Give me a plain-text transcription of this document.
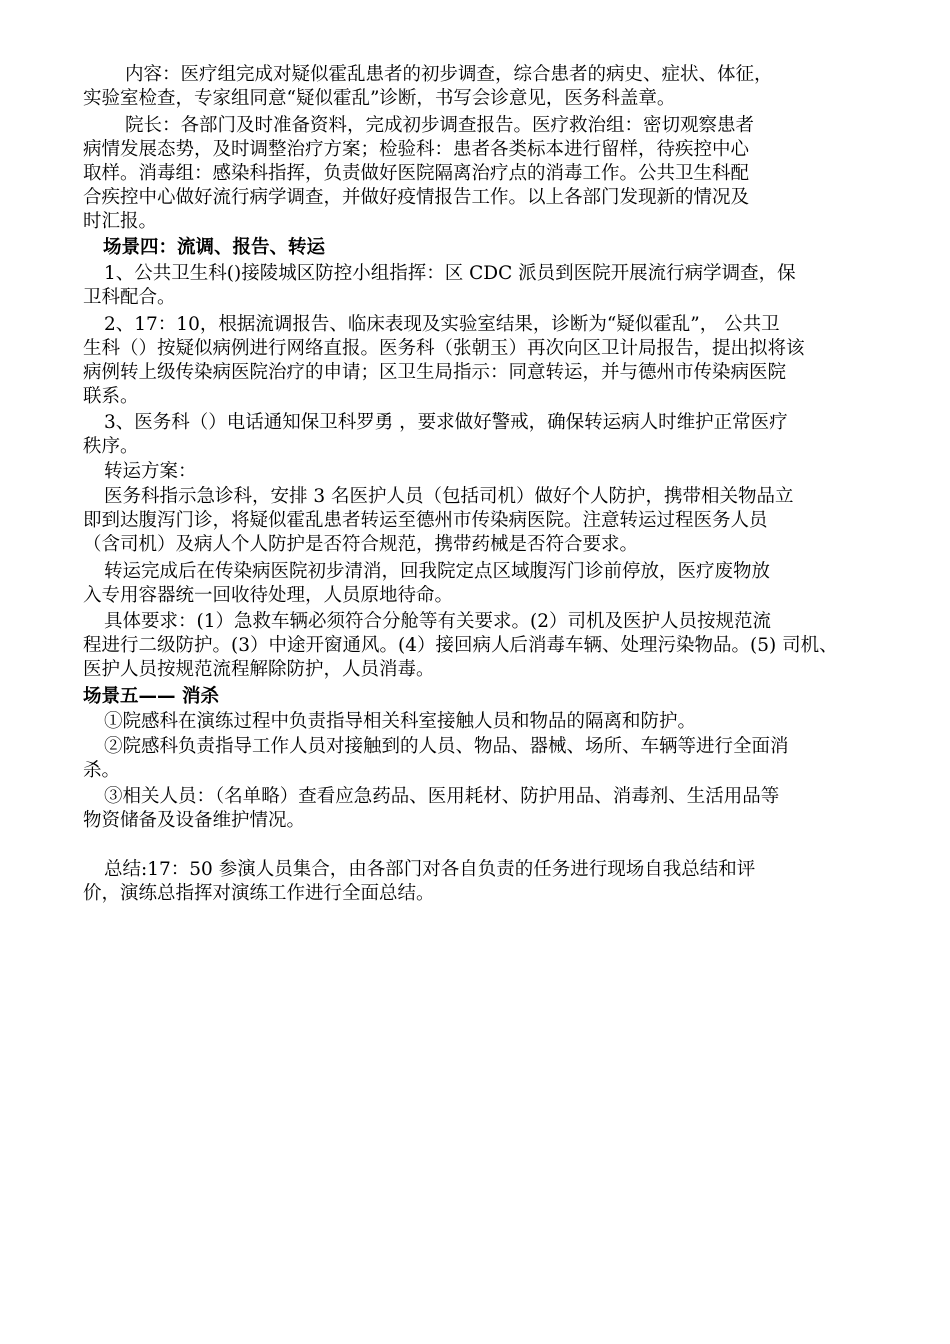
内容：医疗组完成对疑似霍乱患者的初步调查，综合患者的病史、症状、体征，
实验室检查，专家组同意“疑似霍乱”诊断，书写会诊意见，医务科盖章。
院长：各部门及时准备资料，完成初步调查报告。医疗救治组：密切观察患者
病情发展态势，及时调整治疗方案；检验科：患者各类标本进行留样，待疾控中心
取样。消毒组：感染科指挥，负责做好医院隔离治疗点的消毒工作。公共卫生科配
合疾控中心做好流行病学调查，并做好疫情报告工作。以上各部门发现新的情况及
时汇报。
场景四：流调、报告、转运
1、公共卫生科()接陵城区防控小组指挥：区 CDC 派员到医院开展流行病学调查，保
卫科配合。
2、17：10，根据流调报告、临床表现及实验室结果，诊断为“疑似霍乱”， 公共卫
生科（）按疑似病例进行网络直报。医务科（张朝玉）再次向区卫计局报告，提出拟将该
病例转上级传染病医院治疗的申请；区卫生局指示：同意转运，并与德州市传染病医院
联系。
3、医务科（）电话通知保卫科罗勇 ，要求做好警戒，确保转运病人时维护正常医疗
秩序。
转运方案：
医务科指示急诊科，安排 3 名医护人员（包括司机）做好个人防护，携带相关物品立
即到达腹泻门诊，将疑似霍乱患者转运至德州市传染病医院。注意转运过程医务人员
（含司机）及病人个人防护是否符合规范，携带药械是否符合要求。
转运完成后在传染病医院初步清消，回我院定点区域腹泻门诊前停放，医疗废物放
入专用容器统一回收待处理，人员原地待命。
具体要求：(1）急救车辆必须符合分舱等有关要求。(2）司机及医护人员按规范流
程进行二级防护。(3）中途开窗通风。(4）接回病人后消毒车辆、处理污染物品。(5) 司机、
医护人员按规范流程解除防护，人员消毒。
场景五—— 消杀
①院感科在演练过程中负责指导相关科室接触人员和物品的隔离和防护。
②院感科负责指导工作人员对接触到的人员、物品、器械、场所、车辆等进行全面消
杀。
③相关人员：（名单略）查看应急药品、医用耗材、防护用品、消毒剂、生活用品等
物资储备及设备维护情况。
总结:17：50 参演人员集合，由各部门对各自负责的任务进行现场自我总结和评
价，演练总指挥对演练工作进行全面总结。
